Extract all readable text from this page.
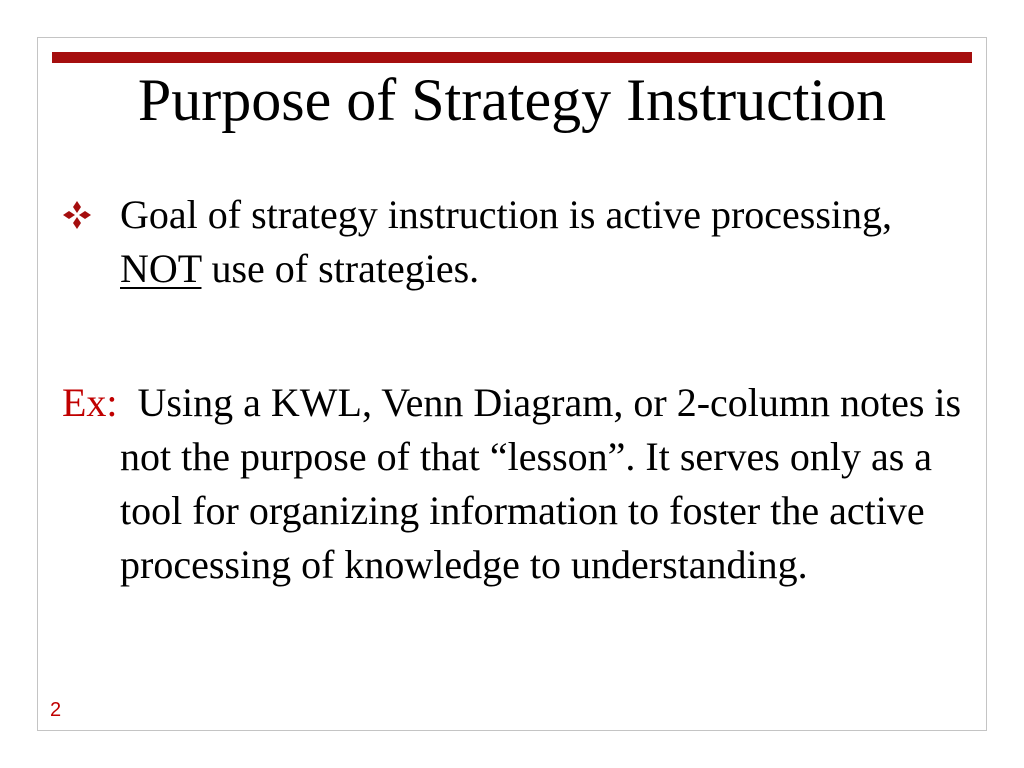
Purpose of Strategy Instruction
Goal of strategy instruction is active processing, NOT use of strategies.
Ex: Using a KWL, Venn Diagram, or 2-column notes is not the purpose of that “lesson”. It serves only as a tool for organizing information to foster the active processing of knowledge to understanding.
2
